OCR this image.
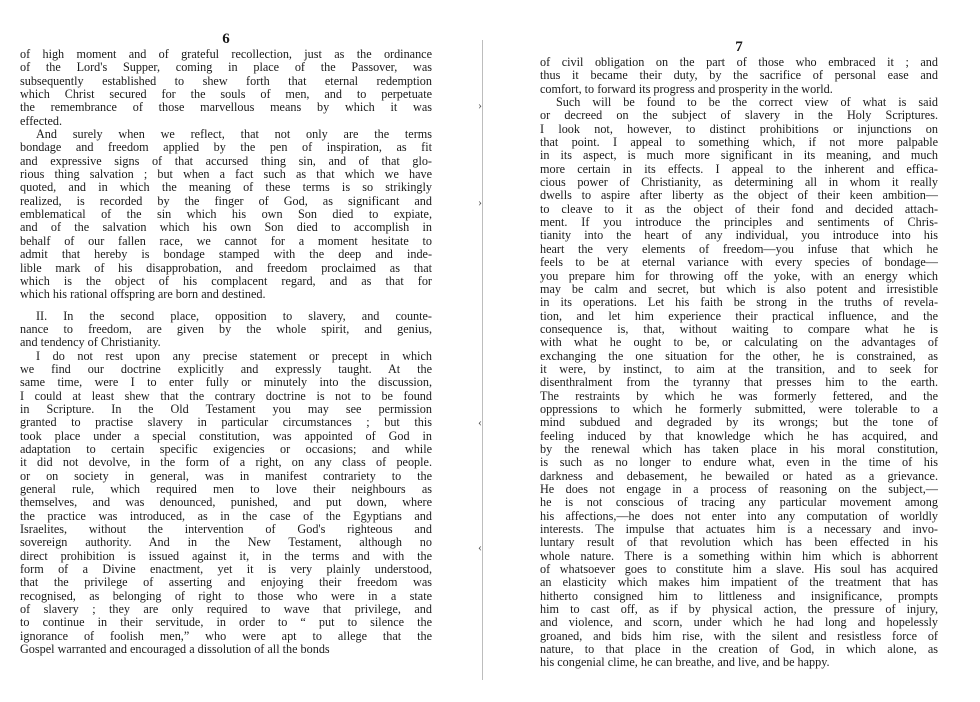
6

of high moment and of grateful recollection, just as the ordinance
of the Lord's Supper, coming in place of the Passover, was
subsequently established to shew forth that eternal redemption
which Christ secured for the souls of men, and to perpetuate
the remembrance of those marvellous means by which it was
effected.

And surely when we reflect, that not only are the terms
bondage and freedom applied by the pen of inspiration, as fit
and expressive signs of that accursed thing sin, and of that glo-
rious thing salvation ; but when a fact such as that which we have
quoted, and in which the meaning of these terms is so strikingly
realized, is recorded by the finger of God, as significant and
emblematical of the sin which his own Son died to expiate,
and of the salvation which his own Son died to accomplish in
behalf of our fallen race, we cannot for a moment hesitate to
admit that hereby is bondage stamped with the deep and inde-
lible mark of his disapprobation, and freedom proclaimed as that
which is the object of his complacent regard, and as that for
which his rational offspring are born and destined.

II. In the second place, opposition to slavery, and counte-
nance to freedom, are given by the whole spirit, and genius,
and tendency of Christianity.

I do not rest upon any precise statement or precept in which
we find our doctrine explicitly and expressly taught. At the
same time, were I to enter fully or minutely into the discussion,
I could at least shew that the contrary doctrine is not to be found
in Scripture. In the Old Testament you may see permission
granted to practise slavery in particular circumstances ; but this
took place under a special constitution, was appointed of God in
adaptation to certain specific exigencies or occasions; and while
it did not devolve, in the form of a right, on any class of people.
or on society in general, was in manifest contrariety to the
general rule, which required men to love their neighbours as
themselves, and was denounced, punished, and put down, where
the practice was introduced, as in the case of the Egyptians and
Israelites, without the intervention of God's righteous and
sovereign authority. And in the New Testament, although no
direct prohibition is issued against it, in the terms and with the
form of a Divine enactment, yet it is very plainly understood,
that the privilege of asserting and enjoying their freedom was
recognised, as belonging of right to those who were in a state
of slavery ; they are only required to wave that privilege, and
to continue in their servitude, in order to “ put to silence the
ignorance of foolish men,” who were apt to allege that the
Gospel warranted and encouraged a dissolution of all the bonds

›
›
‹
‹
7

of civil obligation on the part of those who embraced it ; and
thus it became their duty, by the sacrifice of personal ease and
comfort, to forward its progress and prosperity in the world.

Such will be found to be the correct view of what is said
or decreed on the subject of slavery in the Holy Scriptures.
I look not, however, to distinct prohibitions or injunctions on
that point. I appeal to something which, if not more palpable
in its aspect, is much more significant in its meaning, and much
more certain in its effects. I appeal to the inherent and effica-
cious power of Christianity, as determining all in whom it really
dwells to aspire after liberty as the object of their keen ambition—
to cleave to it as the object of their fond and decided attach-
ment. If you introduce the principles and sentiments of Chris-
tianity into the heart of any individual, you introduce into his
heart the very elements of freedom—you infuse that which he
feels to be at eternal variance with every species of bondage—
you prepare him for throwing off the yoke, with an energy which
may be calm and secret, but which is also potent and irresistible
in its operations. Let his faith be strong in the truths of revela-
tion, and let him experience their practical influence, and the
consequence is, that, without waiting to compare what he is
with what he ought to be, or calculating on the advantages of
exchanging the one situation for the other, he is constrained, as
it were, by instinct, to aim at the transition, and to seek for
disenthralment from the tyranny that presses him to the earth.
The restraints by which he was formerly fettered, and the
oppressions to which he formerly submitted, were tolerable to a
mind subdued and degraded by its wrongs; but the tone of
feeling induced by that knowledge which he has acquired, and
by the renewal which has taken place in his moral constitution,
is such as no longer to endure what, even in the time of his
darkness and debasement, he bewailed or hated as a grievance.
He does not engage in a process of reasoning on the subject,—
he is not conscious of tracing any particular movement among
his affections,—he does not enter into any computation of worldly
interests. The impulse that actuates him is a necessary and invo-
luntary result of that revolution which has been effected in his
whole nature. There is a something within him which is abhorrent
of whatsoever goes to constitute him a slave. His soul has acquired
an elasticity which makes him impatient of the treatment that has
hitherto consigned him to littleness and insignificance, prompts
him to cast off, as if by physical action, the pressure of injury,
and violence, and scorn, under which he had long and hopelessly
groaned, and bids him rise, with the silent and resistless force of
nature, to that place in the creation of God, in which alone, as
his congenial clime, he can breathe, and live, and be happy.
